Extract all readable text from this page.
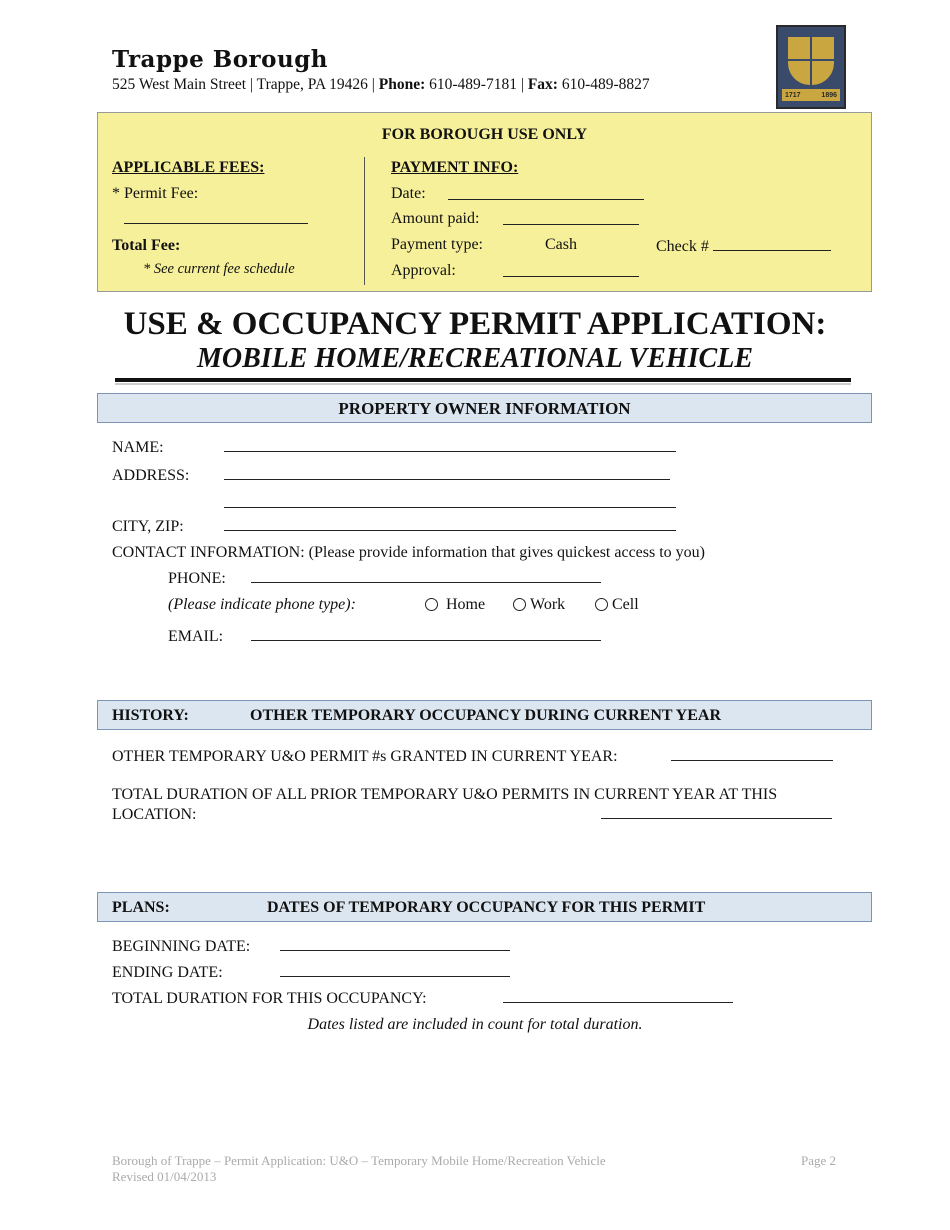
Trappe Borough
525 West Main Street | Trappe, PA 19426 | Phone: 610-489-7181 | Fax: 610-489-8827
1717	1896
FOR BOROUGH USE ONLY
APPLICABLE FEES:
* Permit Fee:
Total Fee:
* See current fee schedule
PAYMENT INFO:
Date:
Amount paid:
Payment type:	Cash	Check #
Approval:
USE & OCCUPANCY PERMIT APPLICATION:
MOBILE HOME/RECREATIONAL VEHICLE
PROPERTY OWNER INFORMATION
NAME:
ADDRESS:
CITY, ZIP:
CONTACT INFORMATION: (Please provide information that gives quickest access to you)
PHONE:
(Please indicate phone type):	Home	Work	Cell
EMAIL:
HISTORY:	OTHER TEMPORARY OCCUPANCY DURING CURRENT YEAR
OTHER TEMPORARY U&O PERMIT #s GRANTED IN CURRENT YEAR:
TOTAL DURATION OF ALL PRIOR TEMPORARY U&O PERMITS IN CURRENT YEAR AT THIS
LOCATION:
PLANS:	DATES OF TEMPORARY OCCUPANCY FOR THIS PERMIT
BEGINNING DATE:
ENDING DATE:
TOTAL DURATION FOR THIS OCCUPANCY:
Dates listed are included in count for total duration.
Borough of Trappe – Permit Application: U&O – Temporary Mobile Home/Recreation Vehicle
Revised 01/04/2013
Page 2
